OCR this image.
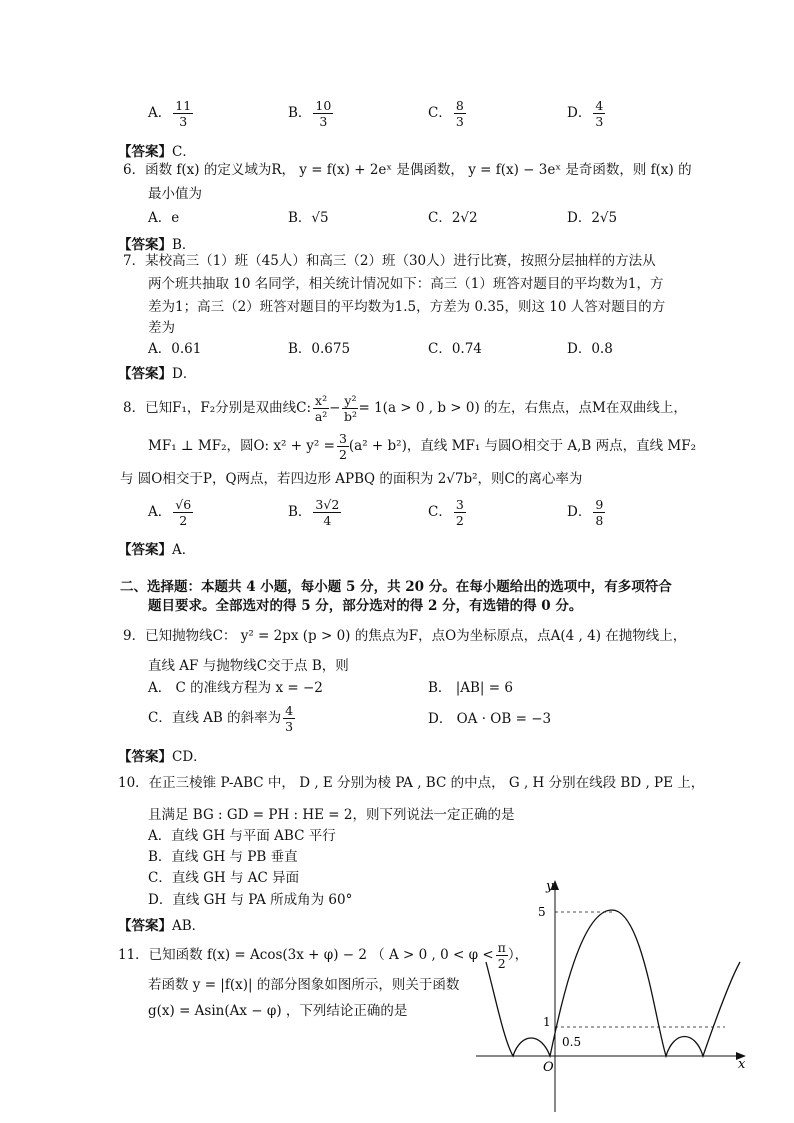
A． $\frac{11}{3}$	B． $\frac{10}{3}$	C． $\frac{8}{3}$	D． $\frac{4}{3}$
【答案】C．
6．函数 f(x) 的定义域为R， y = f(x) + 2eˣ 是偶函数， y = f(x) − 3eˣ 是奇函数，则 f(x) 的
最小值为
A．e	B．√5	C．2√2	D．2√5
【答案】B．
7．某校高三（1）班（45人）和高三（2）班（30人）进行比赛，按照分层抽样的方法从
两个班共抽取 10 名同学，相关统计情况如下：高三（1）班答对题目的平均数为1，方
差为1；高三（2）班答对题目的平均数为1.5，方差为 0.35，则这 10 人答对题目的方
差为
A．0.61	B．0.675	C．0.74	D．0.8
【答案】D．
8．已知F₁，F₂分别是双曲线C: $\frac{\text{x²}}{\text{a²}} - \frac{\text{y²}}{\text{b²}} = 1(a > 0$ , b > 0) 的左，右焦点，点M在双曲线上，
MF₁ ⊥ MF₂，圆O: $x^2 + y^2 = \frac{3}{2} (a^2 + b^2)$，直线 MF₁ 与圆O相交于 A,B 两点，直线 MF₂
与 圆O相交于P，Q两点，若四边形 APBQ 的面积为 2√7b²，则C的离心率为
A． $\frac{√6}{2}$	B． $\frac{3√2}{4}$	C． $\frac{3}{2}$	D． $\frac{9}{8}$
【答案】A．
二、选择题：本题共 4 小题，每小题 5 分，共 20 分。在每小题给出的选项中，有多项符合
题目要求。全部选对的得 5 分，部分选对的得 2 分，有选错的得 0 分。
9．已知抛物线C： y² = 2px (p > 0) 的焦点为F，点O为坐标原点，点A(4 , 4) 在抛物线上，
直线 AF 与抛物线C交于点 B，则
A． C 的准线方程为 x = −2	B． |AB| = 6
C．直线 AB 的斜率为 $\frac{4}{3}$	D． OA · OB = −3
【答案】CD．
10．在正三棱锥 P-ABC 中， D , E 分别为棱 PA , BC 的中点， G , H 分别在线段 BD , PE 上，
且满足 BG : GD = PH : HE = 2，则下列说法一定正确的是
A．直线 GH 与平面 ABC 平行
B．直线 GH 与 PB 垂直
C．直线 GH 与 AC 异面
D．直线 GH 与 PA 所成角为 60°
【答案】AB．
11．已知函数 f(x) = Acos(3x + φ) − 2 （ A > 0 , $0 < \varphi < \frac{\pi}{2}$ ），
若函数 y = |f(x)| 的部分图象如图所示，则关于函数
g(x) = Asin(Ax − φ) ，下列结论正确的是
y
x
O
5
1
0.5
